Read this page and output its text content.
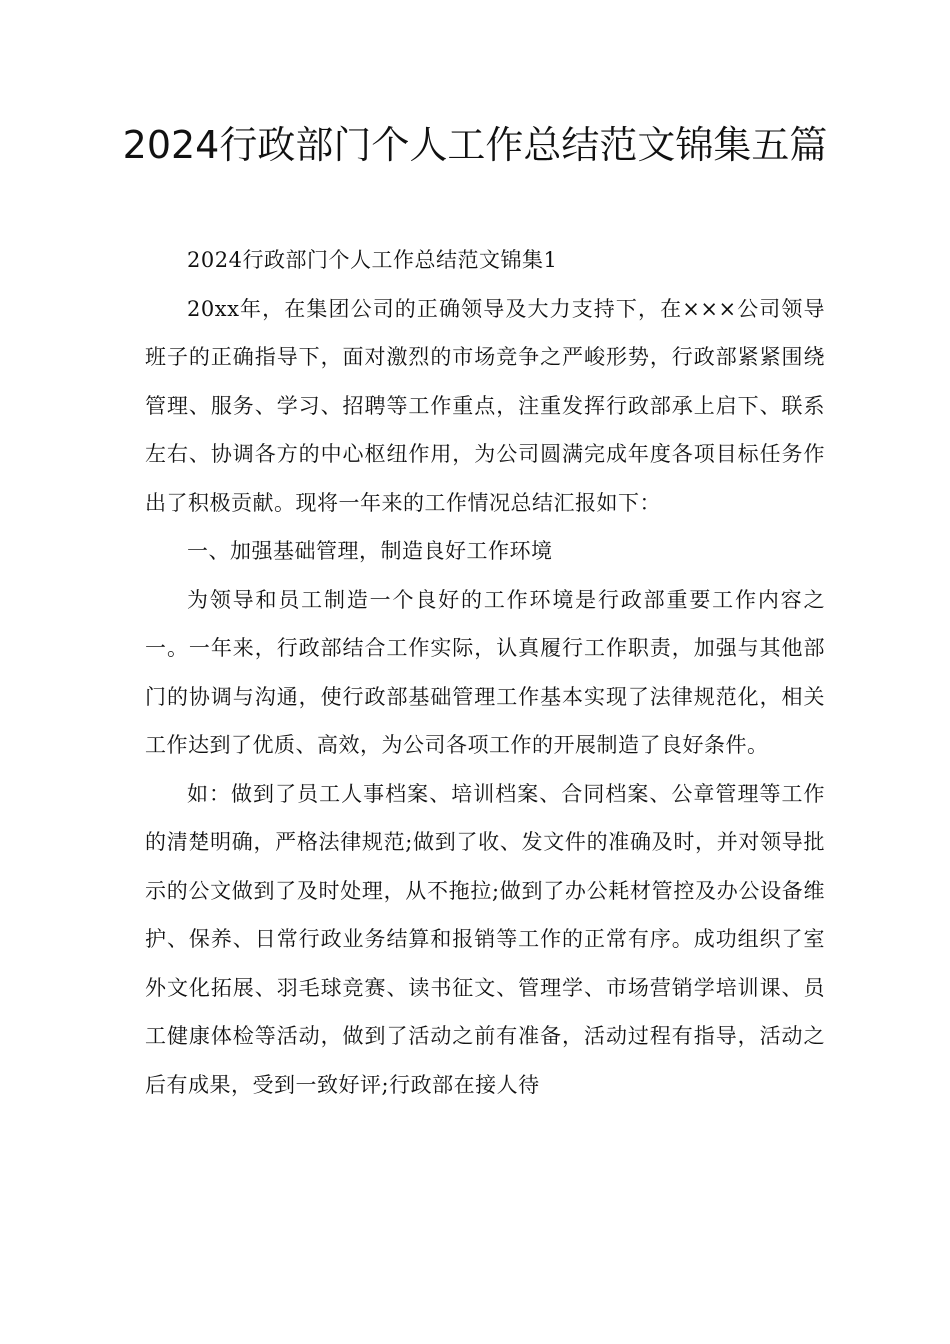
2024行政部门个人工作总结范文锦集五篇

2024行政部门个人工作总结范文锦集1

20xx年，在集团公司的正确领导及大力支持下，在×××公司领导班子的正确指导下，面对激烈的市场竞争之严峻形势，行政部紧紧围绕管理、服务、学习、招聘等工作重点，注重发挥行政部承上启下、联系左右、协调各方的中心枢纽作用，为公司圆满完成年度各项目标任务作出了积极贡献。现将一年来的工作情况总结汇报如下：

一、加强基础管理，制造良好工作环境

为领导和员工制造一个良好的工作环境是行政部重要工作内容之一。一年来，行政部结合工作实际，认真履行工作职责，加强与其他部门的协调与沟通，使行政部基础管理工作基本实现了法律规范化，相关工作达到了优质、高效，为公司各项工作的开展制造了良好条件。

如：做到了员工人事档案、培训档案、合同档案、公章管理等工作的清楚明确，严格法律规范;做到了收、发文件的准确及时，并对领导批示的公文做到了及时处理，从不拖拉;做到了办公耗材管控及办公设备维护、保养、日常行政业务结算和报销等工作的正常有序。成功组织了室外文化拓展、羽毛球竞赛、读书征文、管理学、市场营销学培训课、员工健康体检等活动，做到了活动之前有准备，活动过程有指导，活动之后有成果，受到一致好评;行政部在接人待
